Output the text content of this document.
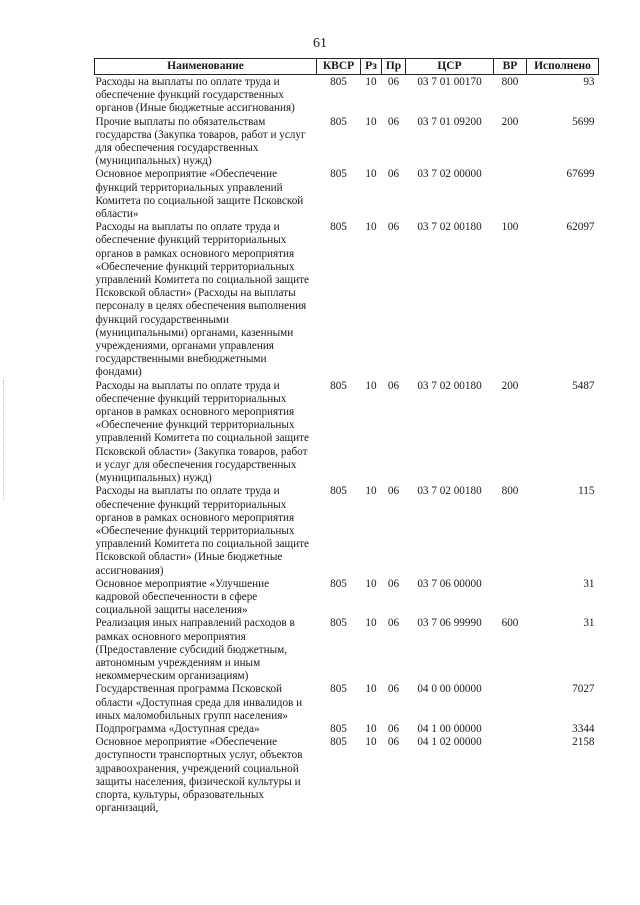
61
Наименование	КВСР	Рз	Пр	ЦСР	ВР	Исполнено
Расходы на выплаты по оплате труда и обеспечение функций государственных органов (Иные бюджетные ассигнования)	805	10	06	03 7 01 00170	800	93
Прочие выплаты по обязательствам государства (Закупка товаров, работ и услуг для обеспечения государственных (муниципальных) нужд)	805	10	06	03 7 01 09200	200	5699
Основное мероприятие «Обеспечение функций территориальных управлений Комитета по социальной защите Псковской области»	805	10	06	03 7 02 00000		67699
Расходы на выплаты по оплате труда и обеспечение функций территориальных органов в рамках основного мероприятия «Обеспечение функций территориальных управлений Комитета по социальной защите Псковской области» (Расходы на выплаты персоналу в целях обеспечения выполнения функций государственными (муниципальными) органами, казенными учреждениями, органами управления государственными внебюджетными фондами)	805	10	06	03 7 02 00180	100	62097
Расходы на выплаты по оплате труда и обеспечение функций территориальных органов в рамках основного мероприятия «Обеспечение функций территориальных управлений Комитета по социальной защите Псковской области» (Закупка товаров, работ и услуг для обеспечения государственных (муниципальных) нужд)	805	10	06	03 7 02 00180	200	5487
Расходы на выплаты по оплате труда и обеспечение функций территориальных органов в рамках основного мероприятия «Обеспечение функций территориальных управлений Комитета по социальной защите Псковской области» (Иные бюджетные ассигнования)	805	10	06	03 7 02 00180	800	115
Основное мероприятие «Улучшение кадровой обеспеченности в сфере социальной защиты населения»	805	10	06	03 7 06 00000		31
Реализация иных направлений расходов в рамках основного мероприятия (Предоставление субсидий бюджетным, автономным учреждениям и иным некоммерческим организациям)	805	10	06	03 7 06 99990	600	31
Государственная программа Псковской области «Доступная среда для инвалидов и иных маломобильных групп населения»	805	10	06	04 0 00 00000		7027
Подпрограмма «Доступная среда»	805	10	06	04 1 00 00000		3344
Основное мероприятие «Обеспечение доступности транспортных услуг, объектов здравоохранения, учреждений социальной защиты населения, физической культуры и спорта, культуры, образовательных организаций,	805	10	06	04 1 02 00000		2158
